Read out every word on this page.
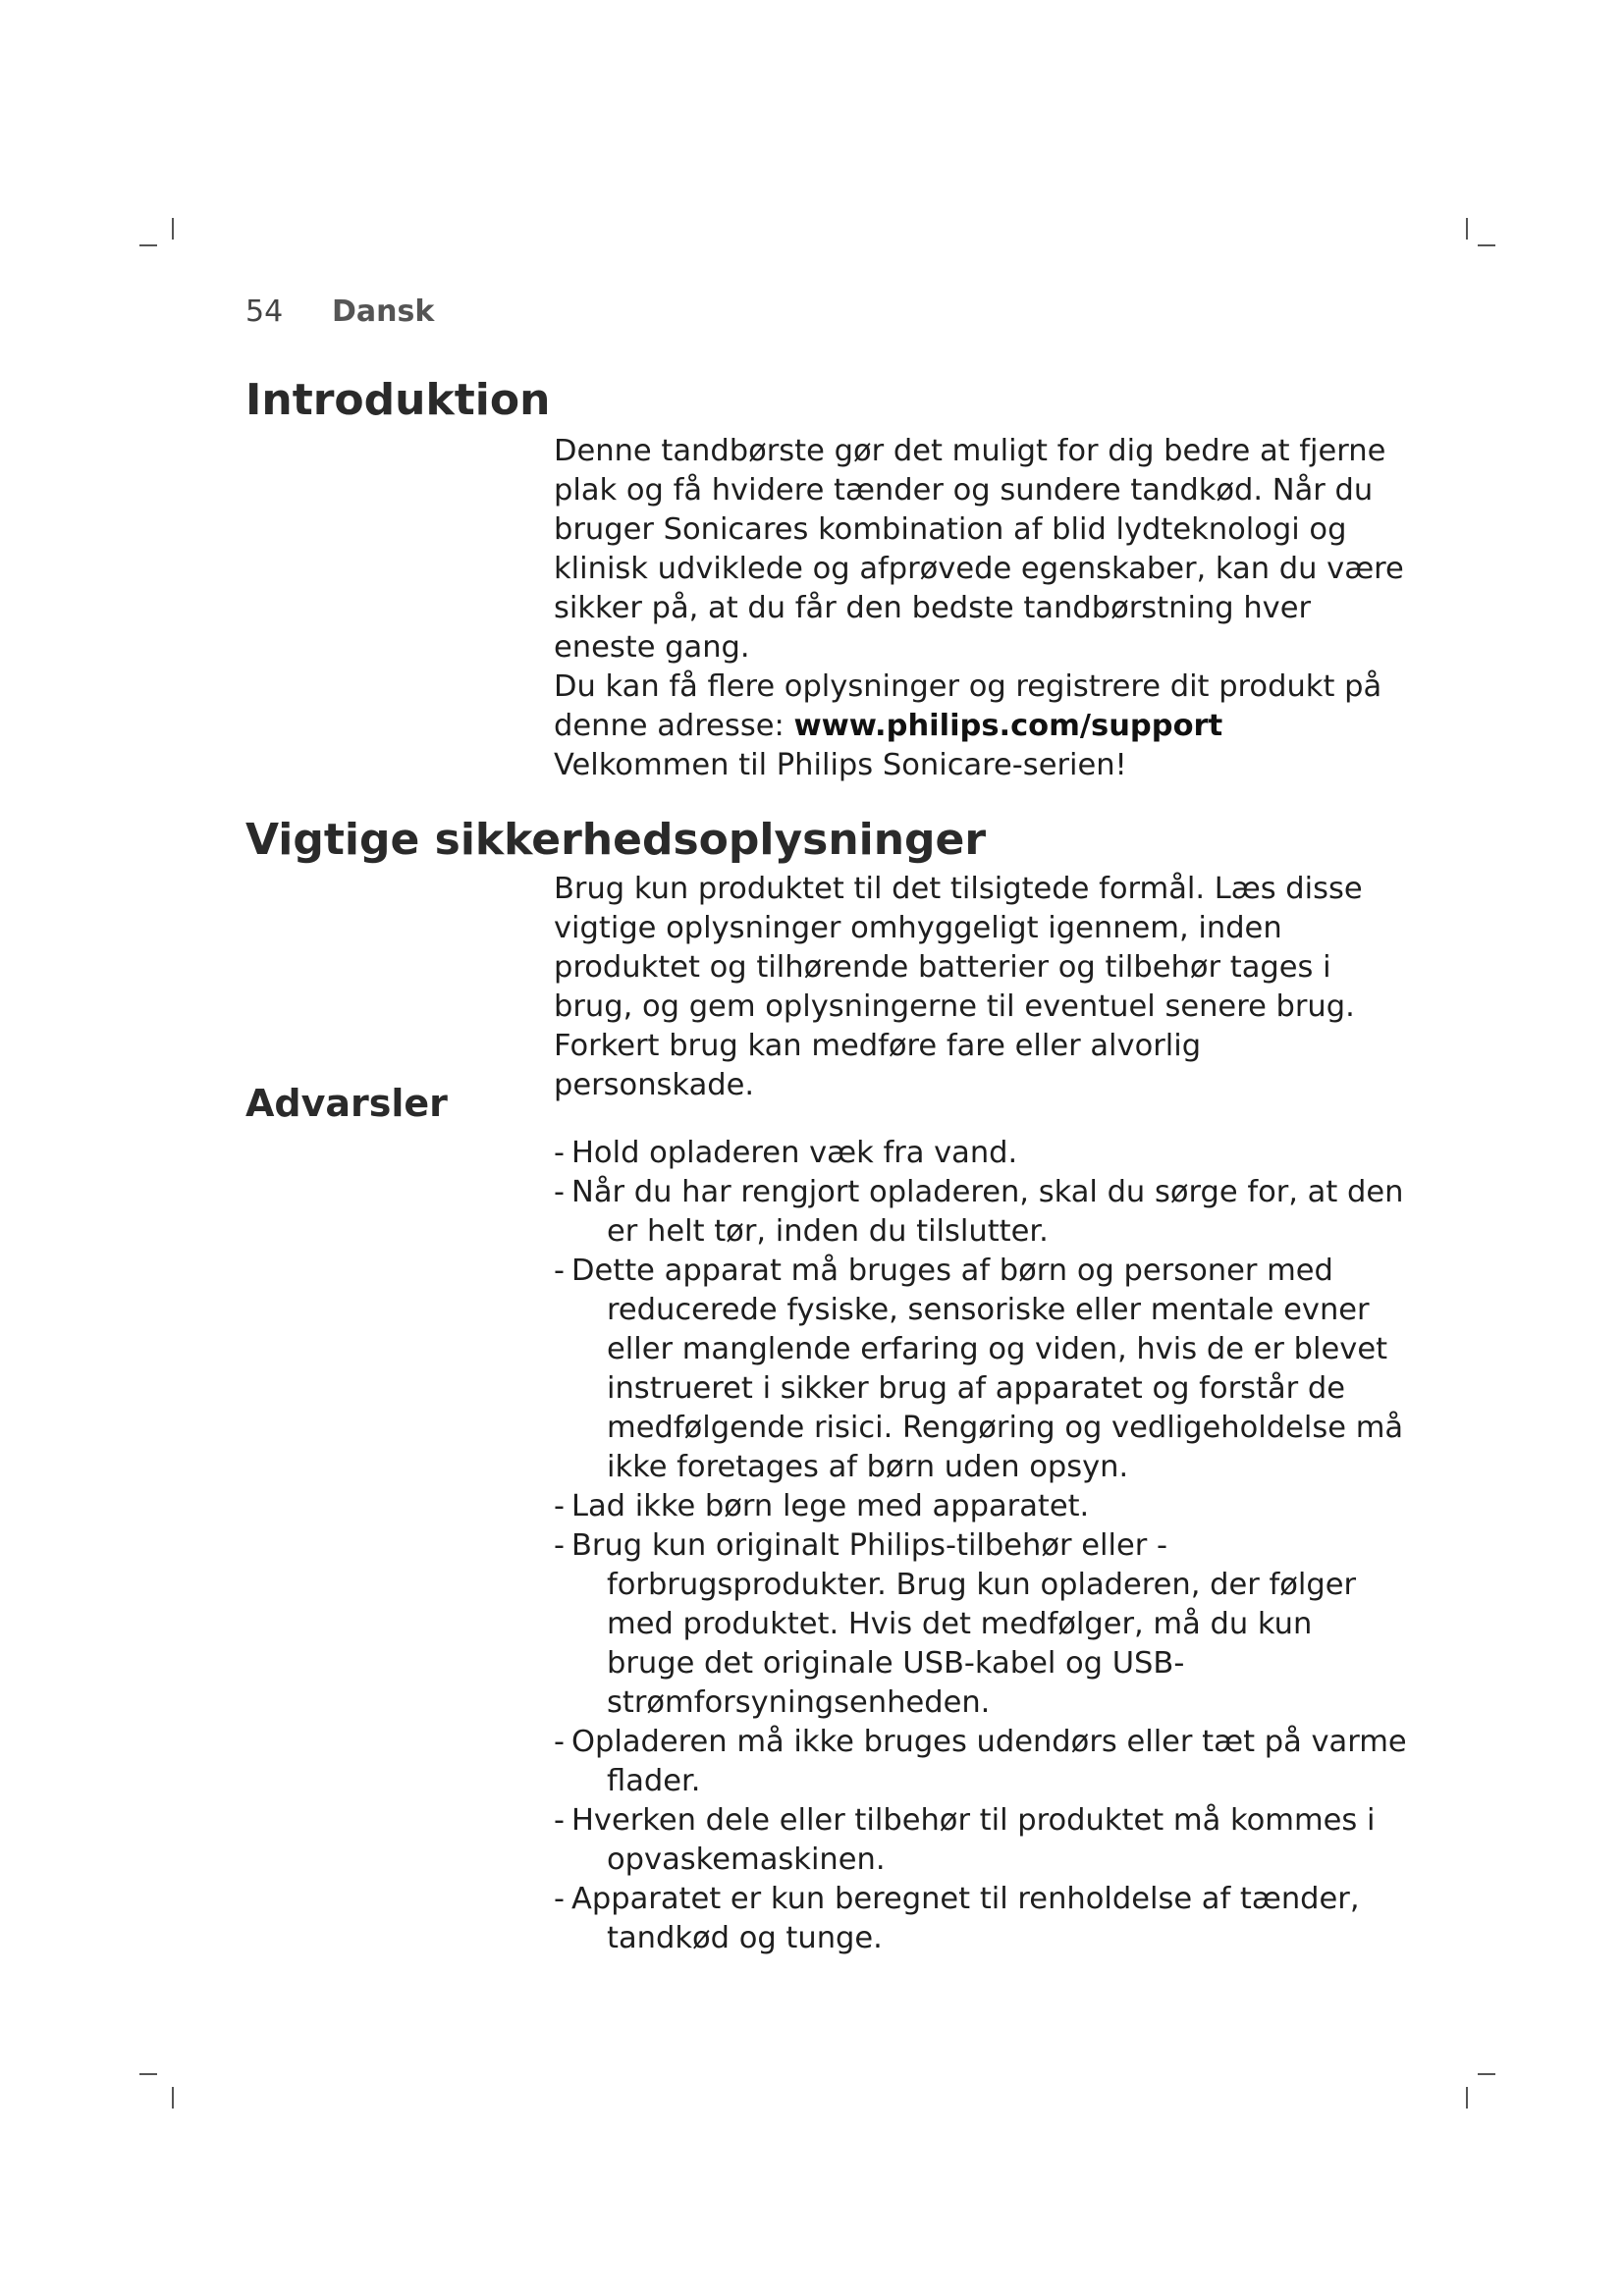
54 Dansk
Introduktion

Denne tandbørste gør det muligt for dig bedre at fjerne plak og få hvidere tænder og sundere tandkød. Når du bruger Sonicares kombination af blid lydteknologi og klinisk udviklede og afprøvede egenskaber, kan du være sikker på, at du får den bedste tandbørstning hver eneste gang.

Du kan få flere oplysninger og registrere dit produkt på denne adresse: www.philips.com/support

Velkommen til Philips Sonicare-serien!

Vigtige sikkerhedsoplysninger

Brug kun produktet til det tilsigtede formål. Læs disse vigtige oplysninger omhyggeligt igennem, inden produktet og tilhørende batterier og tilbehør tages i brug, og gem oplysningerne til eventuel senere brug. Forkert brug kan medføre fare eller alvorlig personskade.

Advarsler
- Hold opladeren væk fra vand.
- Når du har rengjort opladeren, skal du sørge for, at den er helt tør, inden du tilslutter.
- Dette apparat må bruges af børn og personer med reducerede fysiske, sensoriske eller mentale evner eller manglende erfaring og viden, hvis de er blevet instrueret i sikker brug af apparatet og forstår de medfølgende risici. Rengøring og vedligeholdelse må ikke foretages af børn uden opsyn.
- Lad ikke børn lege med apparatet.
- Brug kun originalt Philips-tilbehør eller -forbrugsprodukter. Brug kun opladeren, der følger med produktet. Hvis det medfølger, må du kun bruge det originale USB-kabel og USB-strømforsyningsenheden.
- Opladeren må ikke bruges udendørs eller tæt på varme flader.
- Hverken dele eller tilbehør til produktet må kommes i opvaskemaskinen.
- Apparatet er kun beregnet til renholdelse af tænder, tandkød og tunge.
